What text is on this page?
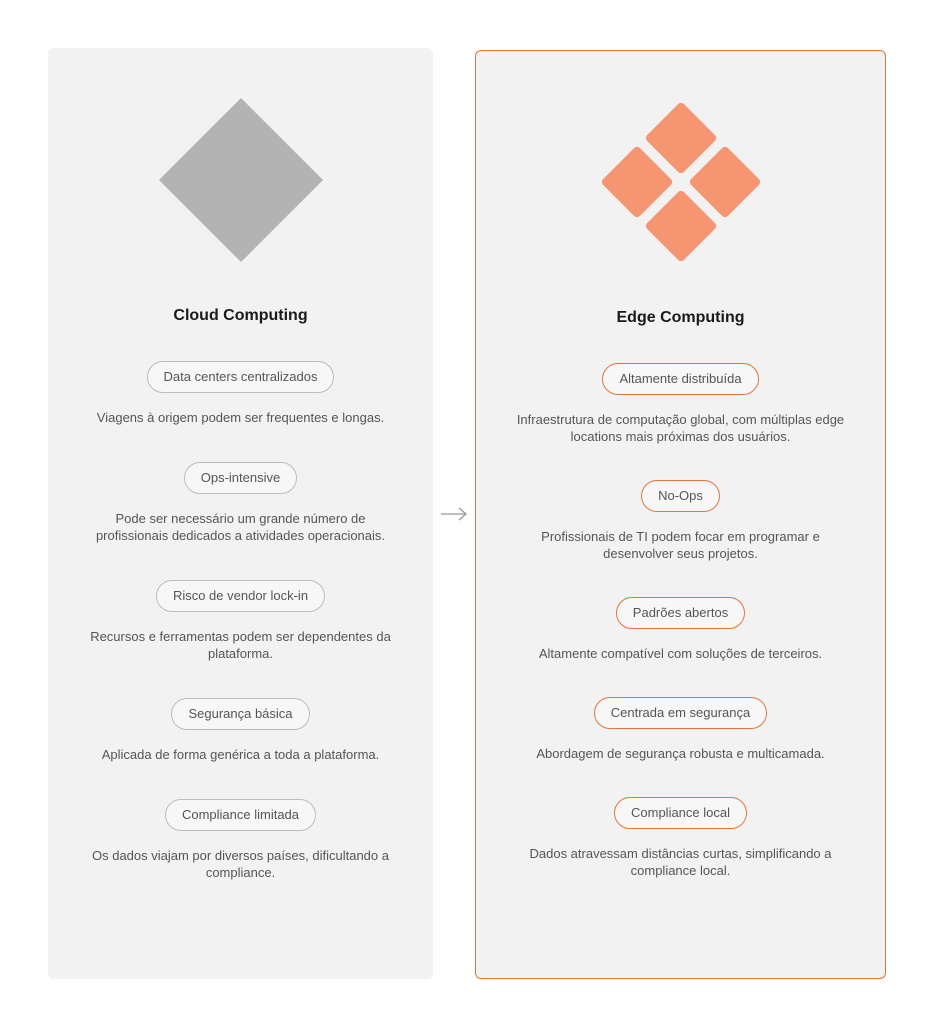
Cloud Computing
Data centers centralizados
Viagens à origem podem ser frequentes e longas.
Ops-intensive
Pode ser necessário um grande número de profissionais dedicados a atividades operacionais.
Risco de vendor lock-in
Recursos e ferramentas podem ser dependentes da plataforma.
Segurança básica
Aplicada de forma genérica a toda a plataforma.
Compliance limitada
Os dados viajam por diversos países, dificultando a compliance.
Edge Computing
Altamente distribuída
Infraestrutura de computação global, com múltiplas edge locations mais próximas dos usuários.
No-Ops
Profissionais de TI podem focar em programar e desenvolver seus projetos.
Padrões abertos
Altamente compatível com soluções de terceiros.
Centrada em segurança
Abordagem de segurança robusta e multicamada.
Compliance local
Dados atravessam distâncias curtas, simplificando a compliance local.
